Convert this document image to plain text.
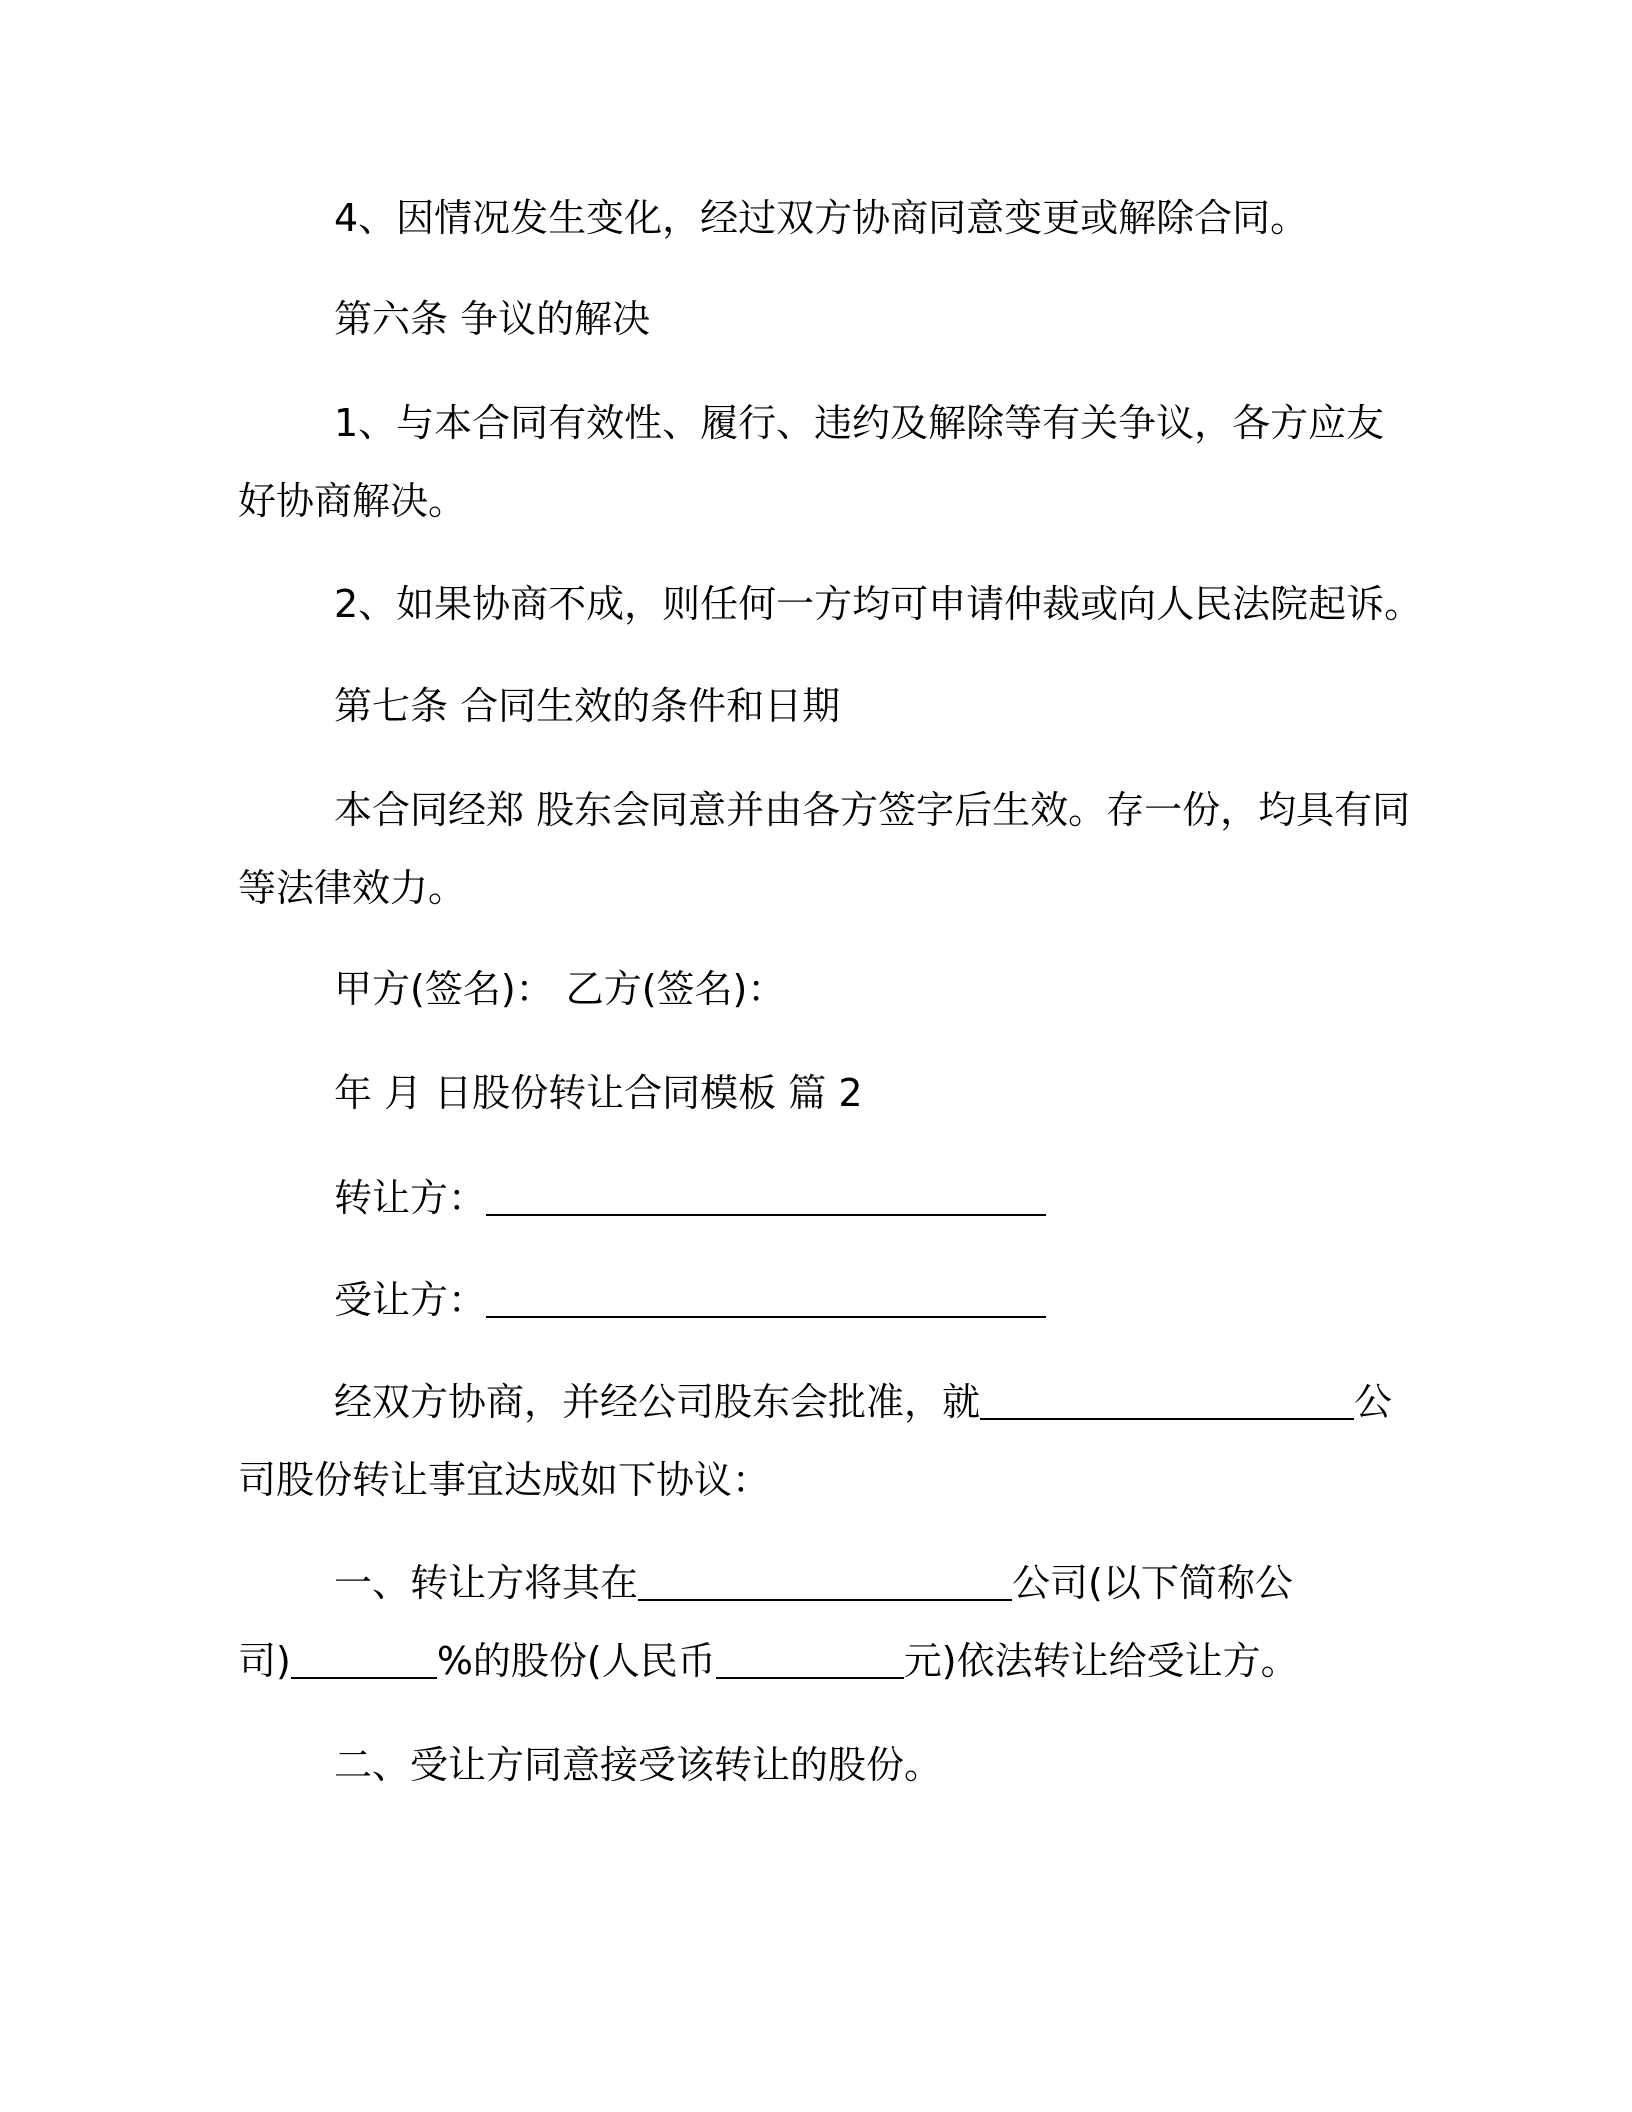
4、因情况发生变化，经过双方协商同意变更或解除合同。

第六条 争议的解决

1、与本合同有效性、履行、违约及解除等有关争议，各方应友

好协商解决。

2、如果协商不成，则任何一方均可申请仲裁或向人民法院起诉。

第七条 合同生效的条件和日期

本合同经郑 股东会同意并由各方签字后生效。存一份，均具有同

等法律效力。

甲方(签名)： 乙方(签名)：

年 月 日股份转让合同模板 篇 2

转让方：

受让方：

经双方协商，并经公司股东会批准，就	公

司股份转让事宜达成如下协议：

一、转让方将其在	公司(以下简称公

司)	%的股份(人民币	元)依法转让给受让方。

二、受让方同意接受该转让的股份。
